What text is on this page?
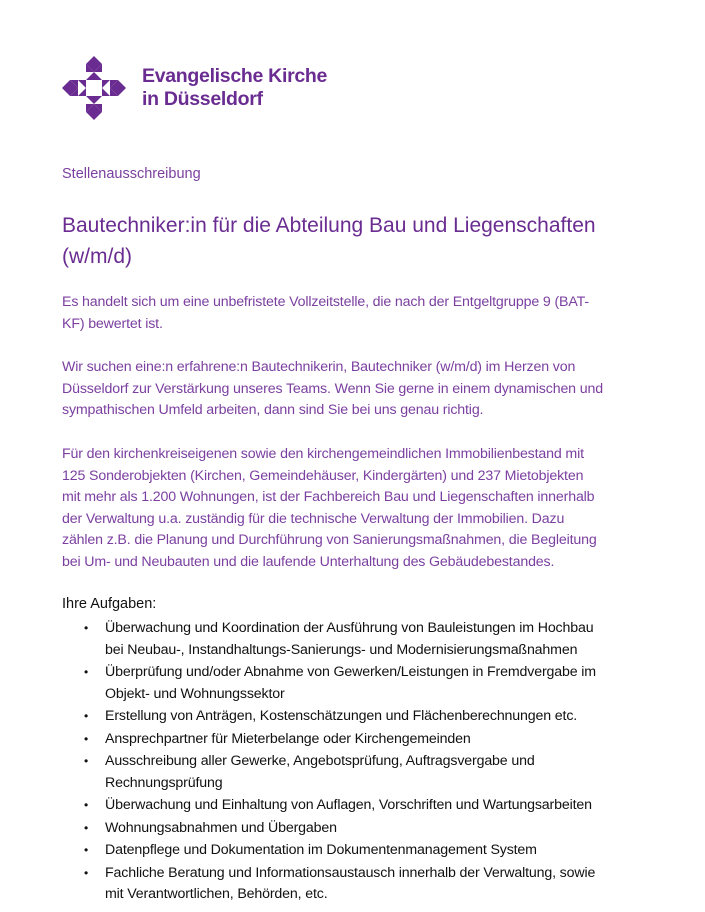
Evangelische Kirche
in Düsseldorf
Stellenausschreibung
Bautechniker:in für die Abteilung Bau und Liegenschaften
(w/m/d)
Es handelt sich um eine unbefristete Vollzeitstelle, die nach der Entgeltgruppe 9 (BAT-
KF) bewertet ist.
Wir suchen eine:n erfahrene:n Bautechnikerin, Bautechniker (w/m/d) im Herzen von
Düsseldorf zur Verstärkung unseres Teams. Wenn Sie gerne in einem dynamischen und
sympathischen Umfeld arbeiten, dann sind Sie bei uns genau richtig.
Für den kirchenkreiseigenen sowie den kirchengemeindlichen Immobilienbestand mit
125 Sonderobjekten (Kirchen, Gemeindehäuser, Kindergärten) und 237 Mietobjekten
mit mehr als 1.200 Wohnungen, ist der Fachbereich Bau und Liegenschaften innerhalb
der Verwaltung u.a. zuständig für die technische Verwaltung der Immobilien. Dazu
zählen z.B. die Planung und Durchführung von Sanierungsmaßnahmen, die Begleitung
bei Um- und Neubauten und die laufende Unterhaltung des Gebäudebestandes.
Ihre Aufgaben:
• Überwachung und Koordination der Ausführung von Bauleistungen im Hochbau
bei Neubau-, Instandhaltungs-Sanierungs- und Modernisierungsmaßnahmen
• Überprüfung und/oder Abnahme von Gewerken/Leistungen in Fremdvergabe im
Objekt- und Wohnungssektor
• Erstellung von Anträgen, Kostenschätzungen und Flächenberechnungen etc.
• Ansprechpartner für Mieterbelange oder Kirchengemeinden
• Ausschreibung aller Gewerke, Angebotsprüfung, Auftragsvergabe und
Rechnungsprüfung
• Überwachung und Einhaltung von Auflagen, Vorschriften und Wartungsarbeiten
• Wohnungsabnahmen und Übergaben
• Datenpflege und Dokumentation im Dokumentenmanagement System
• Fachliche Beratung und Informationsaustausch innerhalb der Verwaltung, sowie
mit Verantwortlichen, Behörden, etc.
